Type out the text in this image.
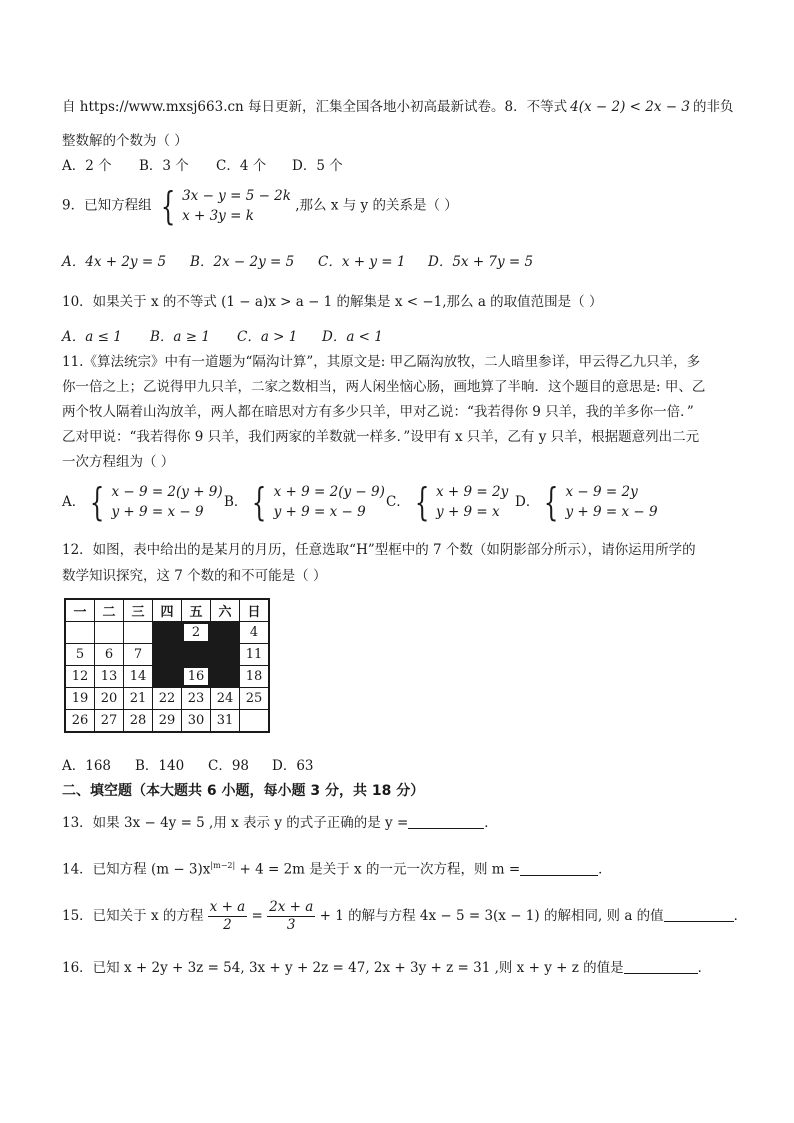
自 https://www.mxsj663.cn 每日更新，汇集全国各地小初高最新试卷。8．不等式 4(x − 2) < 2x − 3 的非负
整数解的个数为（ ）
A．2 个 B．3 个 C．4 个 D．5 个
9．已知方程组 { 3x − y = 5 − 2k
x + 3y = k
,那么 x 与 y 的关系是（ ）
A．4x + 2y = 5 B．2x − 2y = 5 C．x + y = 1 D．5x + 7y = 5
10．如果关于 x 的不等式 (1 − a)x > a − 1 的解集是 x < −1,那么 a 的取值范围是（ ）
A．a ≤ 1 B．a ≥ 1 C．a > 1 D．a < 1
11.《算法统宗》中有一道题为“隔沟计算”，其原文是: 甲乙隔沟放牧，二人暗里参详，甲云得乙九只羊，多
你一倍之上；乙说得甲九只羊，二家之数相当，两人闲坐恼心肠，画地算了半晌．这个题目的意思是: 甲、乙
两个牧人隔着山沟放羊，两人都在暗思对方有多少只羊，甲对乙说：“我若得你 9 只羊，我的羊多你一倍．”
乙对甲说：“我若得你 9 只羊，我们两家的羊数就一样多．”设甲有 x 只羊，乙有 y 只羊，根据题意列出二元
一次方程组为（ ）
A． { x − 9 = 2(y + 9)
y + 9 = x − 9
B． { x + 9 = 2(y − 9)
y + 9 = x − 9
C． { x + 9 = 2y
y + 9 = x
D． { x − 9 = 2y
y + 9 = x − 9
12．如图，表中给出的是某月的月历，任意选取“H”型框中的 7 个数（如阴影部分所示），请你运用所学的
数学知识探究，这 7 个数的和不可能是（ ）
一	二	三	四	五	六	日
				2		4
5	6	7				11
12	13	14		16		18
19	20	21	22	23	24	25
26	27	28	29	30	31	
A．168 B．140 C．98 D．63
二、填空题（本大题共 6 小题，每小题 3 分，共 18 分）
13．如果 3x − 4y = 5 ,用 x 表示 y 的式子正确的是 y =	．
14．已知方程 $(m - 3)x^{|m-2|} + 4 = 2m$ 是关于 x 的一元一次方程，则 m =	．
15．已知关于 x 的方程 $\frac{x + a}{2} = \frac{2x + a}{3} + 1$ 的解与方程 4x − 5 = 3(x − 1) 的解相同, 则 a 的值	．
16．已知 x + 2y + 3z = 54, 3x + y + 2z = 47, 2x + 3y + z = 31 ,则 x + y + z 的值是	．
